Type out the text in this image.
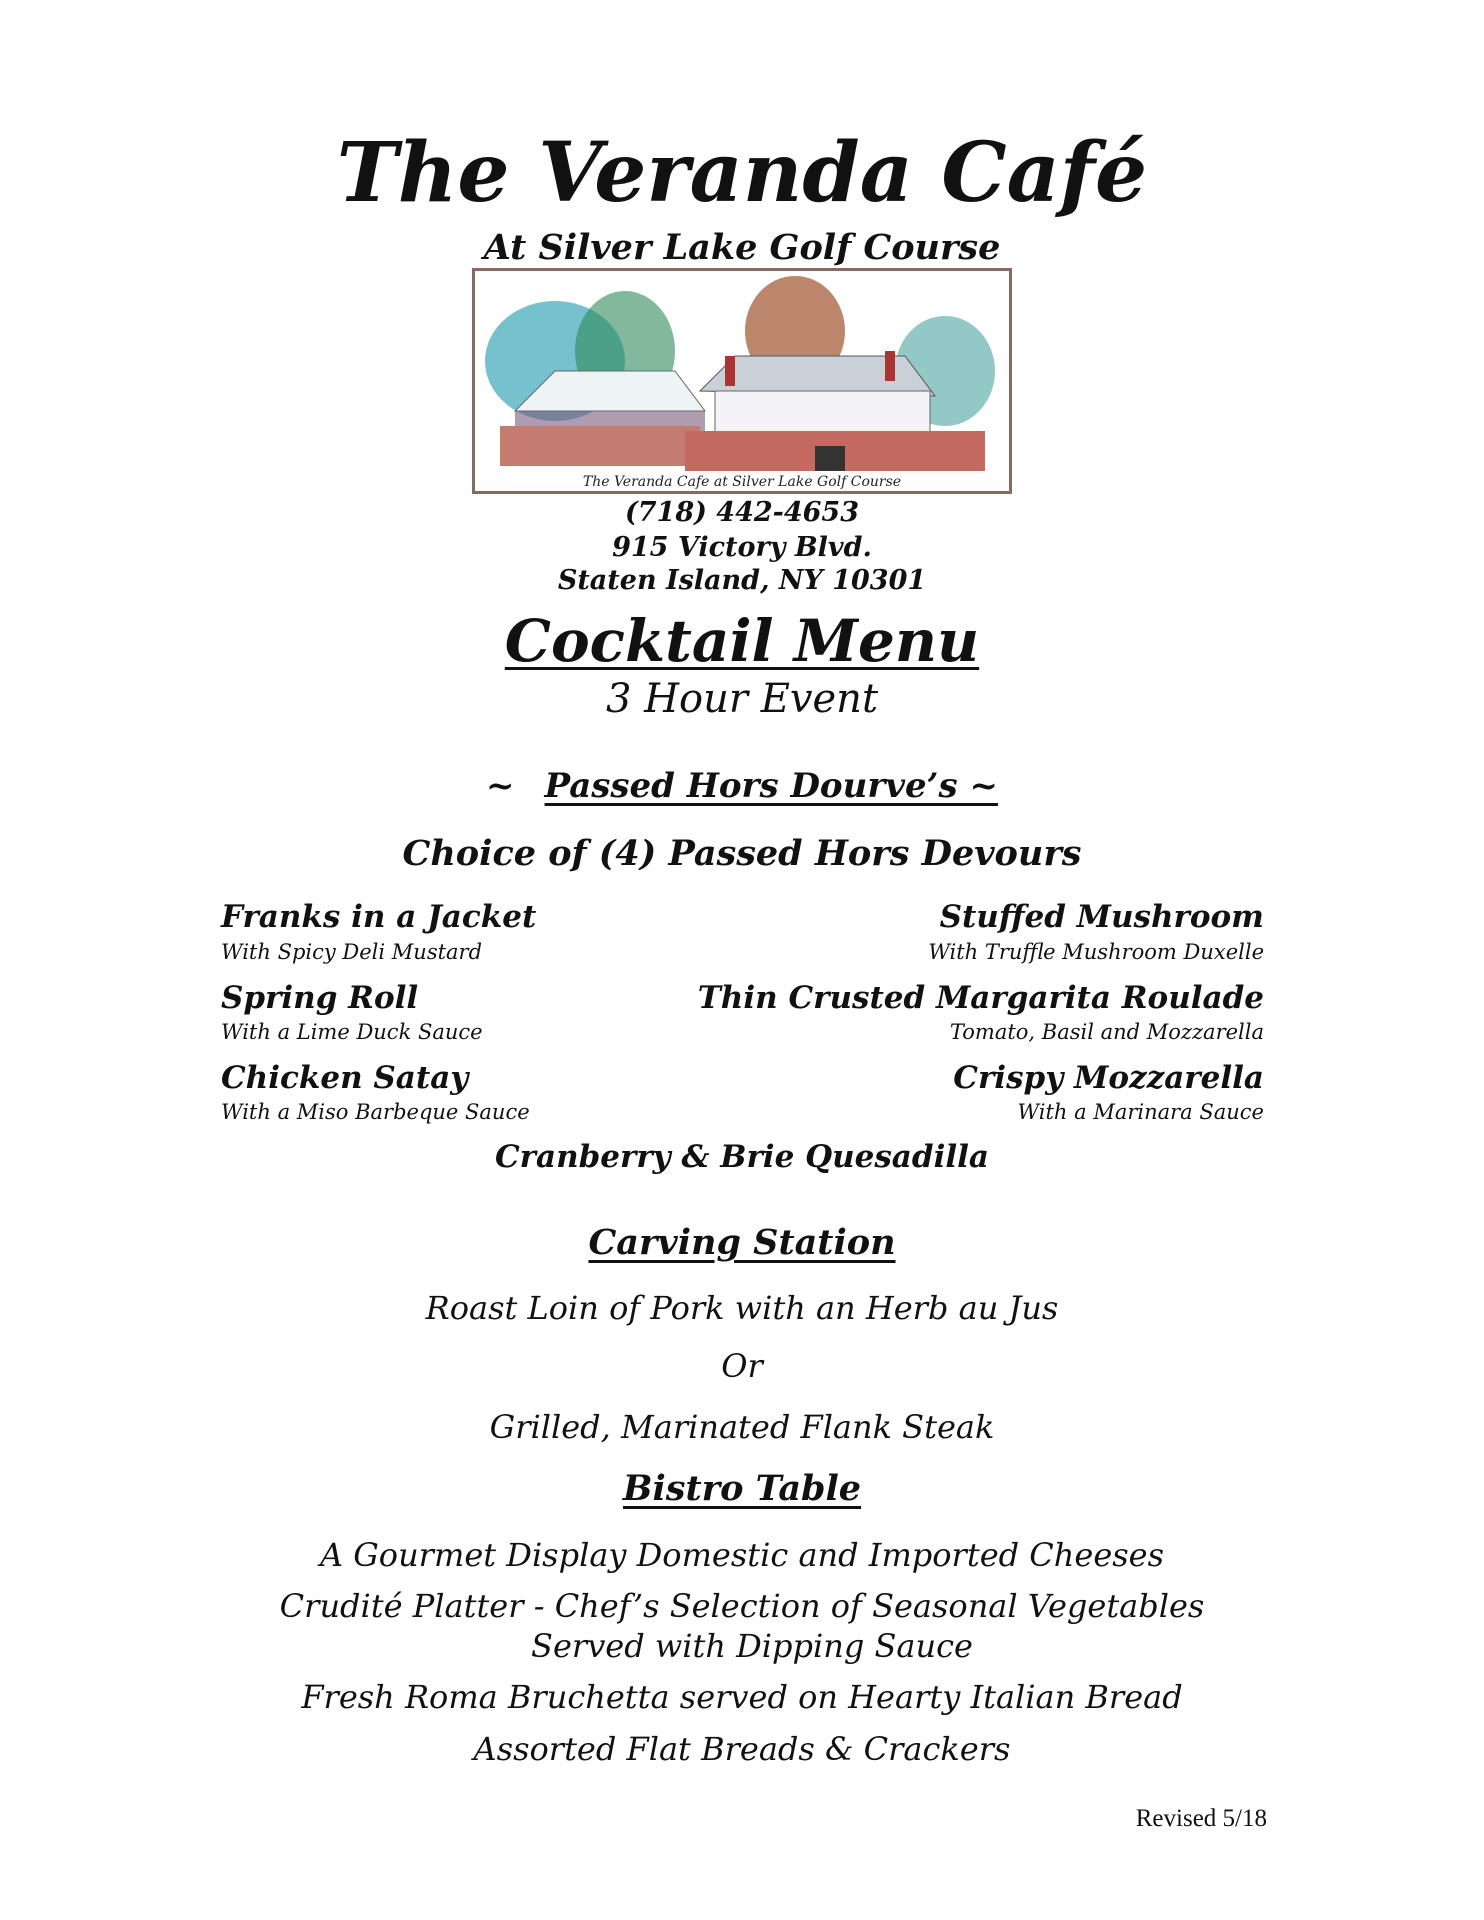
The Veranda Café
At Silver Lake Golf Course
The Veranda Cafe at Silver Lake Golf Course
(718) 442-4653
915 Victory Blvd.
Staten Island, NY 10301
Cocktail Menu
3 Hour Event
~ Passed Hors Dourve’s ~
Choice of (4) Passed Hors Devours
Franks in a Jacket
With Spicy Deli Mustard
Spring Roll
With a Lime Duck Sauce
Chicken Satay
With a Miso Barbeque Sauce
Stuffed Mushroom
With Truffle Mushroom Duxelle
Thin Crusted Margarita Roulade
Tomato, Basil and Mozzarella
Crispy Mozzarella
With a Marinara Sauce
Cranberry & Brie Quesadilla
Carving Station
Roast Loin of Pork with an Herb au Jus
Or
Grilled, Marinated Flank Steak
Bistro Table
A Gourmet Display Domestic and Imported Cheeses
Crudité Platter - Chef’s Selection of Seasonal Vegetables
Served with Dipping Sauce
Fresh Roma Bruchetta served on Hearty Italian Bread
Assorted Flat Breads & Crackers
Revised 5/18
